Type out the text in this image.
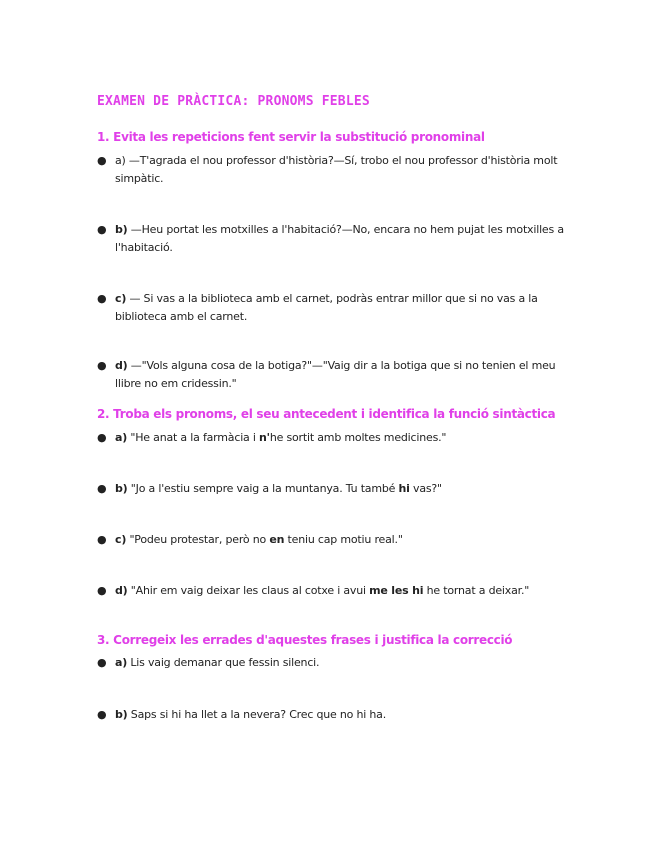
EXAMEN DE PRÀCTICA: PRONOMS FEBLES
1. Evita les repeticions fent servir la substitució pronominal
● a) —T'agrada el nou professor d'història?—Sí, trobo el nou professor d'història molt simpàtic.
● b) —Heu portat les motxilles a l'habitació?—No, encara no hem pujat les motxilles a l'habitació.
● c) — Si vas a la biblioteca amb el carnet, podràs entrar millor que si no vas a la biblioteca amb el carnet.
● d) —"Vols alguna cosa de la botiga?"—"Vaig dir a la botiga que si no tenien el meu llibre no em cridessin."
2. Troba els pronoms, el seu antecedent i identifica la funció sintàctica
● a) "He anat a la farmàcia i n'he sortit amb moltes medicines."
● b) "Jo a l'estiu sempre vaig a la muntanya. Tu també hi vas?"
● c) "Podeu protestar, però no en teniu cap motiu real."
● d) "Ahir em vaig deixar les claus al cotxe i avui me les hi he tornat a deixar."
3. Corregeix les errades d'aquestes frases i justifica la correcció
● a) Lis vaig demanar que fessin silenci.
● b) Saps si hi ha llet a la nevera? Crec que no hi ha.
